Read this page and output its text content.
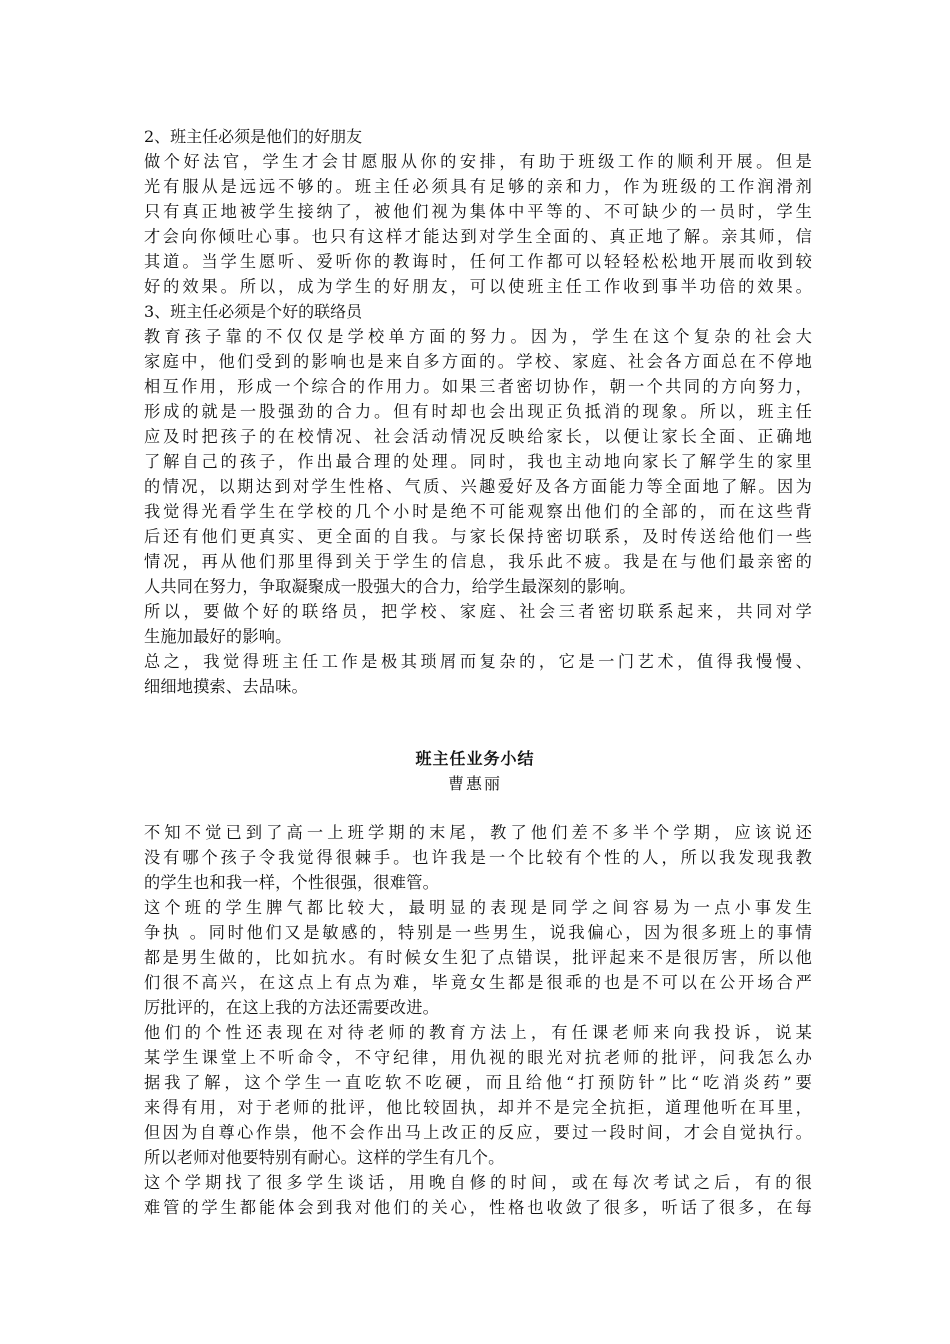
2、班主任必须是他们的好朋友
做个好法官，学生才会甘愿服从你的安排，有助于班级工作的顺利开展。但是
光有服从是远远不够的。班主任必须具有足够的亲和力，作为班级的工作润滑剂
只有真正地被学生接纳了，被他们视为集体中平等的、不可缺少的一员时，学生
才会向你倾吐心事。也只有这样才能达到对学生全面的、真正地了解。亲其师，信
其道。当学生愿听、爱听你的教诲时，任何工作都可以轻轻松松地开展而收到较
好的效果。所以，成为学生的好朋友，可以使班主任工作收到事半功倍的效果。
3、班主任必须是个好的联络员
教育孩子靠的不仅仅是学校单方面的努力。因为，学生在这个复杂的社会大
家庭中，他们受到的影响也是来自多方面的。学校、家庭、社会各方面总在不停地
相互作用，形成一个综合的作用力。如果三者密切协作，朝一个共同的方向努力，
形成的就是一股强劲的合力。但有时却也会出现正负抵消的现象。所以，班主任
应及时把孩子的在校情况、社会活动情况反映给家长，以便让家长全面、正确地
了解自己的孩子，作出最合理的处理。同时，我也主动地向家长了解学生的家里
的情况，以期达到对学生性格、气质、兴趣爱好及各方面能力等全面地了解。因为
我觉得光看学生在学校的几个小时是绝不可能观察出他们的全部的，而在这些背
后还有他们更真实、更全面的自我。与家长保持密切联系，及时传送给他们一些
情况，再从他们那里得到关于学生的信息，我乐此不疲。我是在与他们最亲密的
人共同在努力，争取凝聚成一股强大的合力，给学生最深刻的影响。
所以，要做个好的联络员，把学校、家庭、社会三者密切联系起来，共同对学
生施加最好的影响。
总之，我觉得班主任工作是极其琐屑而复杂的，它是一门艺术，值得我慢慢、
细细地摸索、去品味。
班主任业务小结
曹惠丽
不知不觉已到了高一上班学期的末尾，教了他们差不多半个学期，应该说还
没有哪个孩子令我觉得很棘手。也许我是一个比较有个性的人，所以我发现我教
的学生也和我一样，个性很强，很难管。
这个班的学生脾气都比较大，最明显的表现是同学之间容易为一点小事发生
争执 。同时他们又是敏感的，特别是一些男生，说我偏心，因为很多班上的事情
都是男生做的，比如抗水。有时候女生犯了点错误，批评起来不是很厉害，所以他
们很不高兴，在这点上有点为难，毕竟女生都是很乖的也是不可以在公开场合严
厉批评的，在这上我的方法还需要改进。
他们的个性还表现在对待老师的教育方法上，有任课老师来向我投诉，说某
某学生课堂上不听命令，不守纪律，用仇视的眼光对抗老师的批评，问我怎么办
据我了解，这个学生一直吃软不吃硬，而且给他“打预防针”比“吃消炎药”要
来得有用，对于老师的批评，他比较固执，却并不是完全抗拒，道理他听在耳里，
但因为自尊心作祟，他不会作出马上改正的反应，要过一段时间，才会自觉执行。
所以老师对他要特别有耐心。这样的学生有几个。
这个学期找了很多学生谈话，用晚自修的时间，或在每次考试之后，有的很
难管的学生都能体会到我对他们的关心，性格也收敛了很多，听话了很多，在每
